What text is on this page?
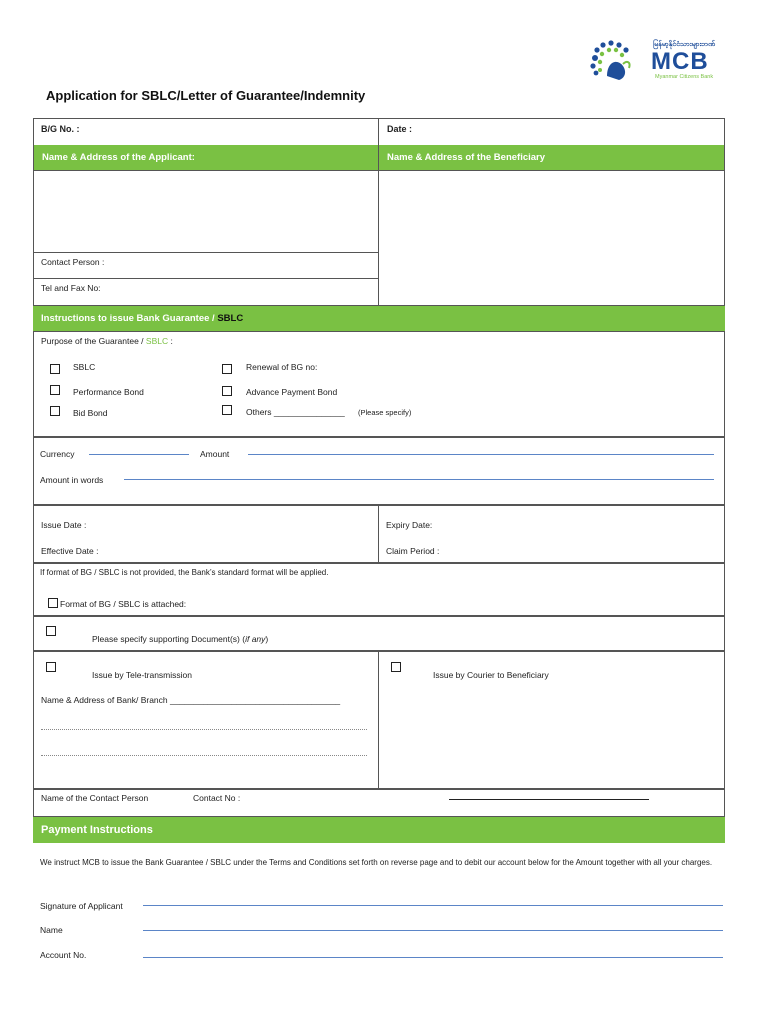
မြန်မာ့နိုင်ငံသားများဘဏ်
MCB
Myanmar Citizens Bank
Application for SBLC/Letter of Guarantee/Indemnity
B/G No. :	Date :
Name & Address of the Applicant:	Name & Address of the Beneficiary
Contact Person :
Tel and Fax No:
Instructions to issue Bank Guarantee /
SBLC
Purpose of the Guarantee / SBLC :
SBLC
Performance Bond
Bid Bond
Renewal of BG no:
Advance Payment Bond
Others _______________ (Please specify)
Currency	Amount
Amount in words
Issue Date :	Expiry Date:
Effective Date :	Claim Period :
If format of BG / SBLC is not provided, the Bank’s standard format will be applied.
Format of BG / SBLC is attached:
Please specify supporting Document(s) (if any)
Issue by Tele-transmission	Issue by Courier to Beneficiary
Name & Address of Bank/ Branch ____________________________________
Name of the Contact Person	Contact No :
Payment Instructions
We instruct MCB to issue the Bank Guarantee / SBLC under the Terms and Conditions set forth on reverse page and to debit our account below for the Amount together with all your charges.
Signature of Applicant
Name
Account No.
